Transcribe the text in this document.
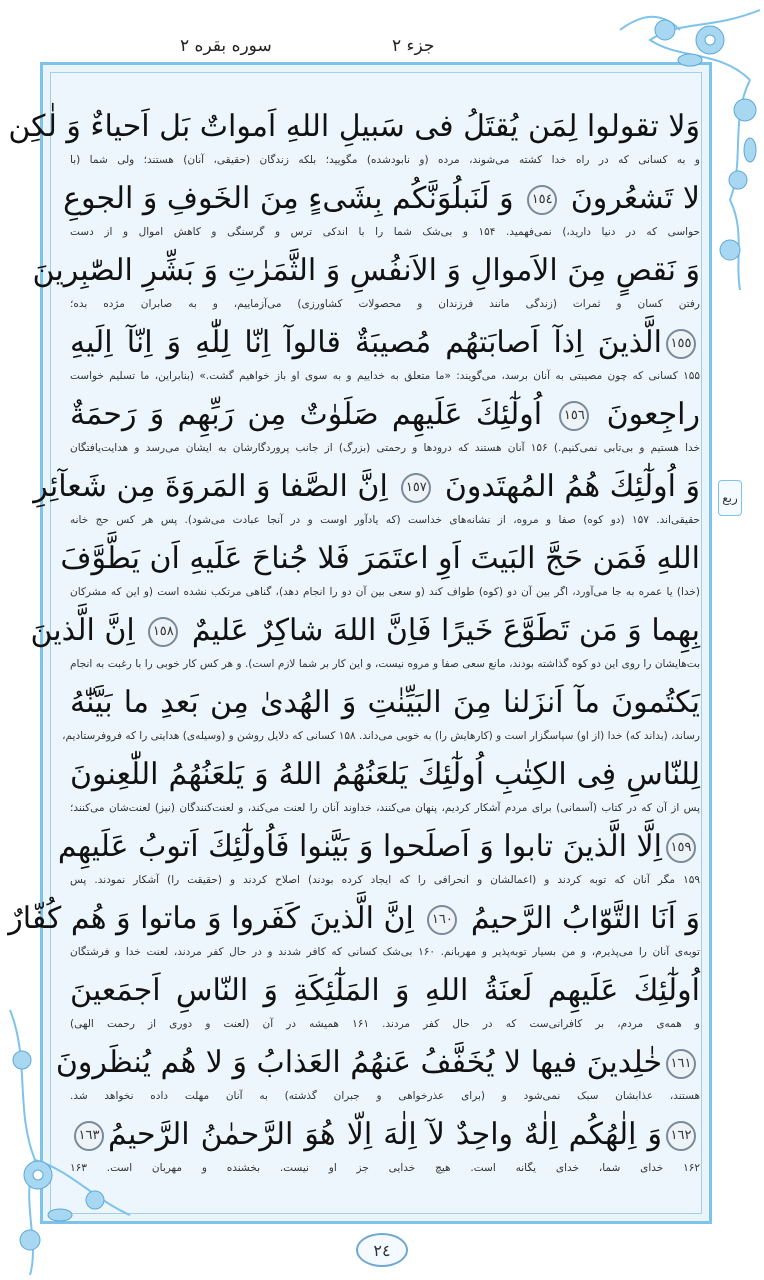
جزء ۲
سوره بقره ۲
ربع
وَلا تقولوا لِمَن يُقتَلُ فى سَبيلِ اللهِ اَمواتٌ بَل اَحياءٌ وَ لٰكِن
و به کسانی که در راه خدا کشته می‌شوند، مرده (و نابودشده) مگویید؛ بلکه زندگان (حقیقی، آنان) هستند؛ ولی شما (با
لا تَشعُرونَ ١٥٤ وَ لَنَبلُوَنَّكُم بِشَىءٍ مِنَ الخَوفِ وَ الجوعِ
حواسی که در دنیا دارید،) نمی‌فهمید. ۱۵۴ و بی‌شک شما را با اندکی ترس و گرسنگی و کاهش اموال و از دست
وَ نَقصٍ مِنَ الاَموالِ وَ الاَنفُسِ وَ الثَّمَرٰتِ وَ بَشِّرِ الصّٰبِرينَ
رفتن کسان و ثمرات (زندگی مانند فرزندان و محصولات کشاورزی) می‌آزماییم، و به صابران مژده بده؛
١٥٥الَّذينَ اِذآ اَصابَتهُم مُصيبَةٌ قالوآ اِنّا لِلّٰهِ وَ اِنّآ اِلَيهِ
۱۵۵ کسانی که چون مصیبتی به آنان برسد، می‌گویند: «ما متعلق به خداییم و به سوی او باز خواهیم گشت.» (بنابراین، ما تسلیم خواست
راجِعونَ ١٥٦ اُولٰٓئِكَ عَلَيهِم صَلَوٰتٌ مِن رَبِّهِم وَ رَحمَةٌ
خدا هستیم و بی‌تابی نمی‌کنیم.) ۱۵۶ آنان هستند که درودها و رحمتی (بزرگ) از جانب پروردگارشان به ایشان می‌رسد و هدایت‌یافتگان
وَ اُولٰٓئِكَ هُمُ المُهتَدونَ ١٥٧ اِنَّ الصَّفا وَ المَروَةَ مِن شَعآئِرِ
حقیقی‌اند. ۱۵۷ (دو کوه) صفا و مروه، از نشانه‌های خداست (که یادآور اوست و در آنجا عبادت می‌شود). پس هر کس حج خانه
اللهِ فَمَن حَجَّ البَيتَ اَوِ اعتَمَرَ فَلا جُناحَ عَلَيهِ اَن يَطَّوَّفَ
(خدا) یا عمره به جا می‌آورد، اگر بین آن دو (کوه) طواف کند (و سعی بین آن دو را انجام دهد)، گناهی مرتکب نشده است (و این که مشرکان
بِهِما وَ مَن تَطَوَّعَ خَيرًا فَاِنَّ اللهَ شاكِرٌ عَليمٌ ١٥٨ اِنَّ الَّذينَ
بت‌هایشان را روی این دو کوه گذاشته بودند، مانع سعی صفا و مروه نیست، و این کار بر شما لازم است). و هر کس کار خوبی را با رغبت به انجام
يَكتُمونَ مآ اَنزَلنا مِنَ البَيِّنٰتِ وَ الهُدىٰ مِن بَعدِ ما بَيَّنّٰهُ
رساند، (بداند که) خدا (از او) سپاسگزار است و (کارهایش را) به خوبی می‌داند. ۱۵۸ کسانی که دلایل روشن و (وسیله‌ی) هدایتی را که فروفرستادیم،
لِلنّاسِ فِى الكِتٰبِ اُولٰٓئِكَ يَلعَنُهُمُ اللهُ وَ يَلعَنُهُمُ اللّٰعِنونَ
پس از آن که در کتاب (آسمانی) برای مردم آشکار کردیم، پنهان می‌کنند، خداوند آنان را لعنت می‌کند، و لعنت‌کنندگان (نیز) لعنت‌شان می‌کنند؛
١٥٩اِلَّا الَّذينَ تابوا وَ اَصلَحوا وَ بَيَّنوا فَاُولٰٓئِكَ اَتوبُ عَلَيهِم
۱۵۹ مگر آنان که توبه کردند و (اعمالشان و انحرافی را که ایجاد کرده بودند) اصلاح کردند و (حقیقت را) آشکار نمودند. پس
وَ اَنَا التَّوّابُ الرَّحيمُ ١٦٠ اِنَّ الَّذينَ كَفَروا وَ ماتوا وَ هُم كُفّارٌ
توبه‌ی آنان را می‌پذیرم، و من بسیار توبه‌پذیر و مهربانم. ۱۶۰ بی‌شک کسانی که کافر شدند و در حال کفر مردند، لعنت خدا و فرشتگان
اُولٰٓئِكَ عَلَيهِم لَعنَةُ اللهِ وَ المَلٰٓئِكَةِ وَ النّاسِ اَجمَعينَ
و همه‌ی مردم، بر کافرانی‌ست که در حال کفر مردند. ۱۶۱ همیشه در آن (لعنت و دوری از رحمت الهی)
١٦١خٰلِدينَ فيها لا يُخَفَّفُ عَنهُمُ العَذابُ وَ لا هُم يُنظَرونَ
هستند، عذابشان سبک نمی‌شود و (برای عذرخواهی و جبران گذشته) به آنان مهلت داده نخواهد شد.
١٦٢وَ اِلٰهُكُم اِلٰهٌ واحِدٌ لآ اِلٰهَ اِلّا هُوَ الرَّحمٰنُ الرَّحيمُ١٦٣
۱۶۲ خدای شما، خدای یگانه است. هیچ خدایی جز او نیست. بخشنده و مهربان است. ۱۶۳
٢٤
